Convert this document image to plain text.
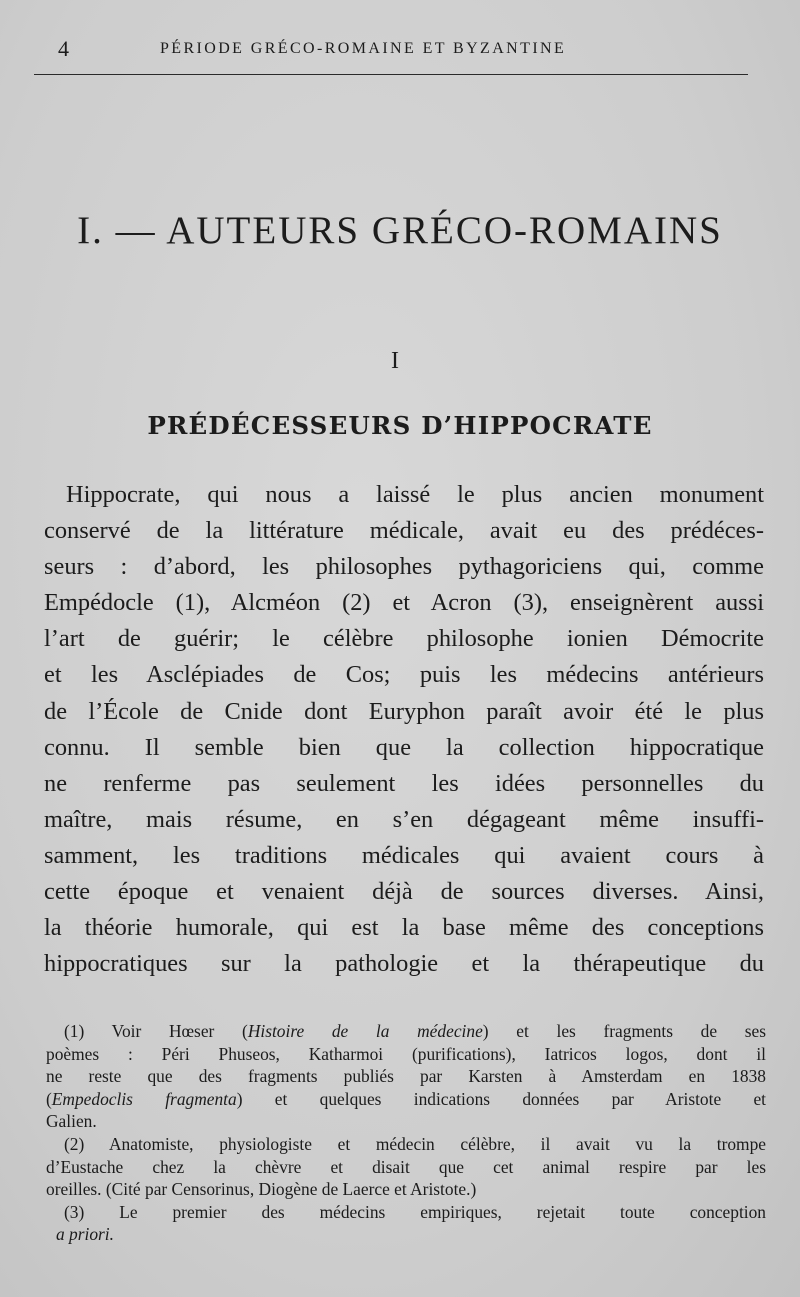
4	PÉRIODE GRÉCO-ROMAINE ET BYZANTINE
I. — AUTEURS GRÉCO-ROMAINS
I
PRÉDÉCESSEURS D’HIPPOCRATE
Hippocrate, qui nous a laissé le plus ancien monument
conservé de la littérature médicale, avait eu des prédéces-
seurs : d’abord, les philosophes pythagoriciens qui, comme
Empédocle (1), Alcméon (2) et Acron (3), enseignèrent aussi
l’art de guérir; le célèbre philosophe ionien Démocrite
et les Asclépiades de Cos; puis les médecins antérieurs
de l’École de Cnide dont Euryphon paraît avoir été le plus
connu. Il semble bien que la collection hippocratique
ne renferme pas seulement les idées personnelles du
maître, mais résume, en s’en dégageant même insuffi-
samment, les traditions médicales qui avaient cours à
cette époque et venaient déjà de sources diverses. Ainsi,
la théorie humorale, qui est la base même des conceptions
hippocratiques sur la pathologie et la thérapeutique du
(1) Voir Hœser (Histoire de la médecine) et les fragments de ses
poèmes : Péri Phuseos, Katharmoi (purifications), Iatricos logos, dont il
ne reste que des fragments publiés par Karsten à Amsterdam en 1838
(Empedoclis fragmenta) et quelques indications données par Aristote et
Galien.
(2) Anatomiste, physiologiste et médecin célèbre, il avait vu la trompe
d’Eustache chez la chèvre et disait que cet animal respire par les
oreilles. (Cité par Censorinus, Diogène de Laerce et Aristote.)
(3) Le premier des médecins empiriques, rejetait toute conception
a priori.
